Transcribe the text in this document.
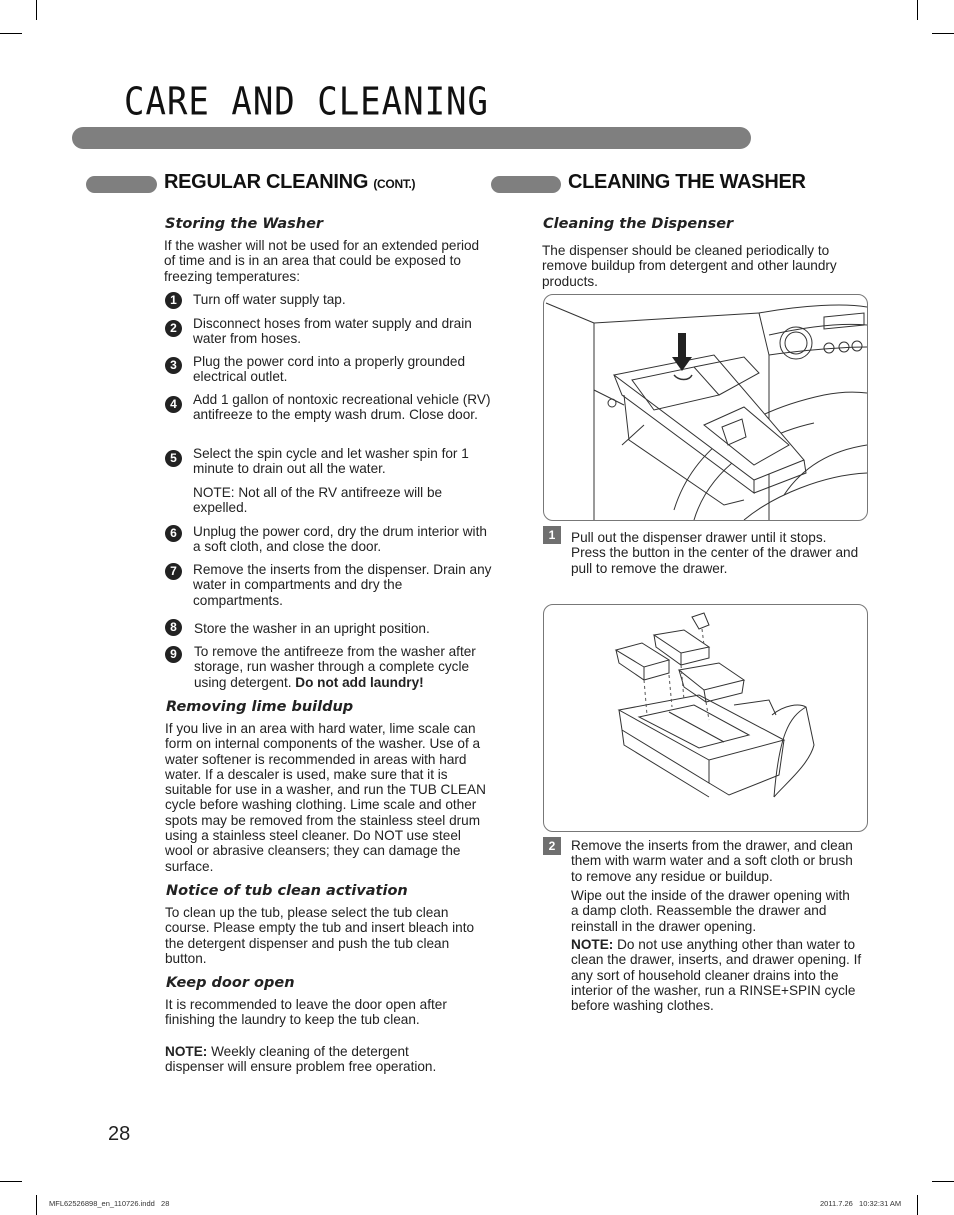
CARE AND CLEANING
REGULAR CLEANING (CONT.)
Storing the Washer
If the washer will not be used for an extended period of time and is in an area that could be exposed to freezing temperatures:
1	Turn off water supply tap.
2	Disconnect hoses from water supply and drain water from hoses.
3	Plug the power cord into a properly grounded electrical outlet.
4	Add 1 gallon of nontoxic recreational vehicle (RV) antifreeze to the empty wash drum. Close door.
5	Select the spin cycle and let washer spin for 1 minute to drain out all the water.
NOTE: Not all of the RV antifreeze will be expelled.
6	Unplug the power cord, dry the drum interior with a soft cloth, and close the door.
7	Remove the inserts from the dispenser. Drain any water in compartments and dry the compartments.
8	Store the washer in an upright position.
9	To remove the antifreeze from the washer after storage, run washer through a complete cycle using detergent. Do not add laundry!
Removing lime buildup
If you live in an area with hard water, lime scale can form on internal components of the washer. Use of a water softener is recommended in areas with hard water. If a descaler is used, make sure that it is suitable for use in a washer, and run the TUB CLEAN cycle before washing clothing. Lime scale and other spots may be removed from the stainless steel drum using a stainless steel cleaner. Do NOT use steel wool or abrasive cleansers; they can damage the surface.
Notice of tub clean activation
To clean up the tub, please select the tub clean course. Please empty the tub and insert bleach into the detergent dispenser and push the tub clean button.
Keep door open
It is recommended to leave the door open after finishing the laundry to keep the tub clean.
NOTE: Weekly cleaning of the detergent dispenser will ensure problem free operation.
CLEANING THE WASHER
Cleaning the Dispenser
The dispenser should be cleaned periodically to remove buildup from detergent and other laundry products.
1	Pull out the dispenser drawer until it stops. Press the button in the center of the drawer and pull to remove the drawer.
2	Remove the inserts from the drawer, and clean them with warm water and a soft cloth or brush to remove any residue or buildup.
Wipe out the inside of the drawer opening with a damp cloth. Reassemble the drawer and reinstall in the drawer opening.
NOTE: Do not use anything other than water to clean the drawer, inserts, and drawer opening. If any sort of household cleaner drains into the interior of the washer, run a RINSE+SPIN cycle before washing clothes.
28
MFL62526898_en_110726.indd   28	2011.7.26   10:32:31 AM
